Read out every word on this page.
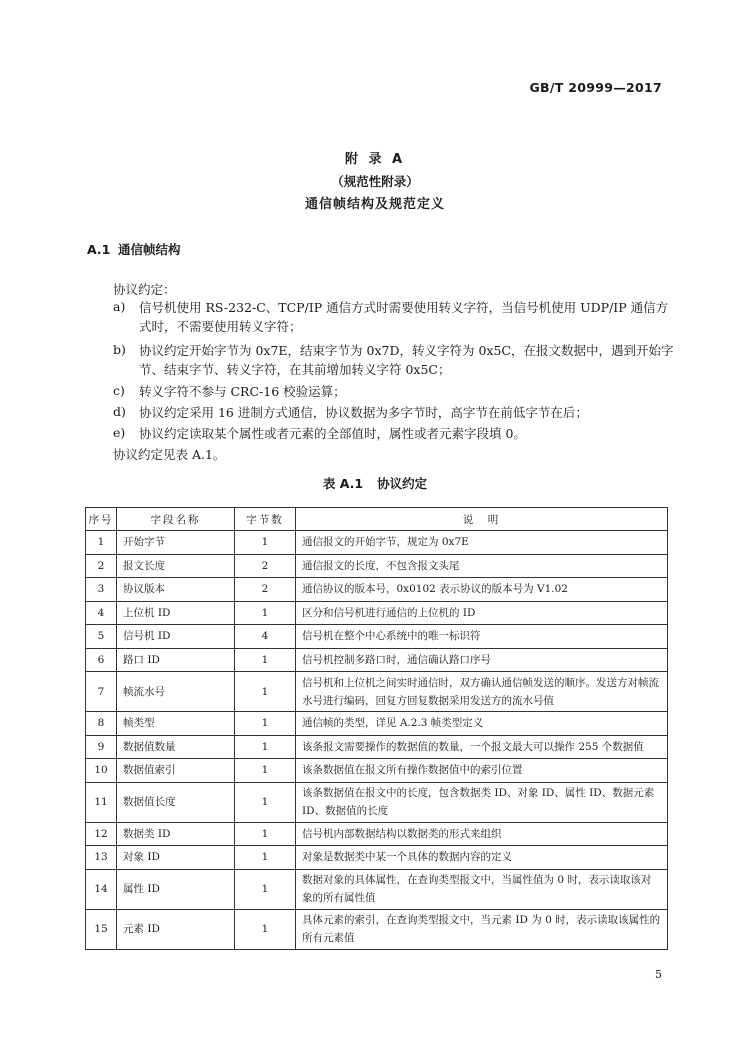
GB/T 20999—2017
附 录 A
（规范性附录）
通信帧结构及规范定义
A.1 通信帧结构
协议约定：
a) 信号机使用 RS-232-C、TCP/IP 通信方式时需要使用转义字符，当信号机使用 UDP/IP 通信方
式时，不需要使用转义字符；
b) 协议约定开始字节为 0x7E，结束字节为 0x7D，转义字符为 0x5C，在报文数据中，遇到开始字
节、结束字节、转义字符，在其前增加转义字符 0x5C；
c) 转义字符不参与 CRC-16 校验运算；
d) 协议约定采用 16 进制方式通信，协议数据为多字节时，高字节在前低字节在后；
e) 协议约定读取某个属性或者元素的全部值时，属性或者元素字段填 0。
协议约定见表 A.1。
表 A.1 协议约定
序号	字段名称	字节数	说　明
1	开始字节	1	通信报文的开始字节，规定为 0x7E
2	报文长度	2	通信报文的长度，不包含报文头尾
3	协议版本	2	通信协议的版本号，0x0102 表示协议的版本号为 V1.02
4	上位机 ID	1	区分和信号机进行通信的上位机的 ID
5	信号机 ID	4	信号机在整个中心系统中的唯一标识符
6	路口 ID	1	信号机控制多路口时，通信确认路口序号
7	帧流水号	1	信号机和上位机之间实时通信时，双方确认通信帧发送的顺序。发送方对帧流水号进行编码，回复方回复数据采用发送方的流水号值
8	帧类型	1	通信帧的类型，详见 A.2.3 帧类型定义
9	数据值数量	1	该条报文需要操作的数据值的数量，一个报文最大可以操作 255 个数据值
10	数据值索引	1	该条数据值在报文所有操作数据值中的索引位置
11	数据值长度	1	该条数据值在报文中的长度，包含数据类 ID、对象 ID、属性 ID、数据元素 ID、数据值的长度
12	数据类 ID	1	信号机内部数据结构以数据类的形式来组织
13	对象 ID	1	对象是数据类中某一个具体的数据内容的定义
14	属性 ID	1	数据对象的具体属性，在查询类型报文中，当属性值为 0 时，表示读取该对象的所有属性值
15	元素 ID	1	具体元素的索引，在查询类型报文中，当元素 ID 为 0 时，表示读取该属性的所有元素值
5
